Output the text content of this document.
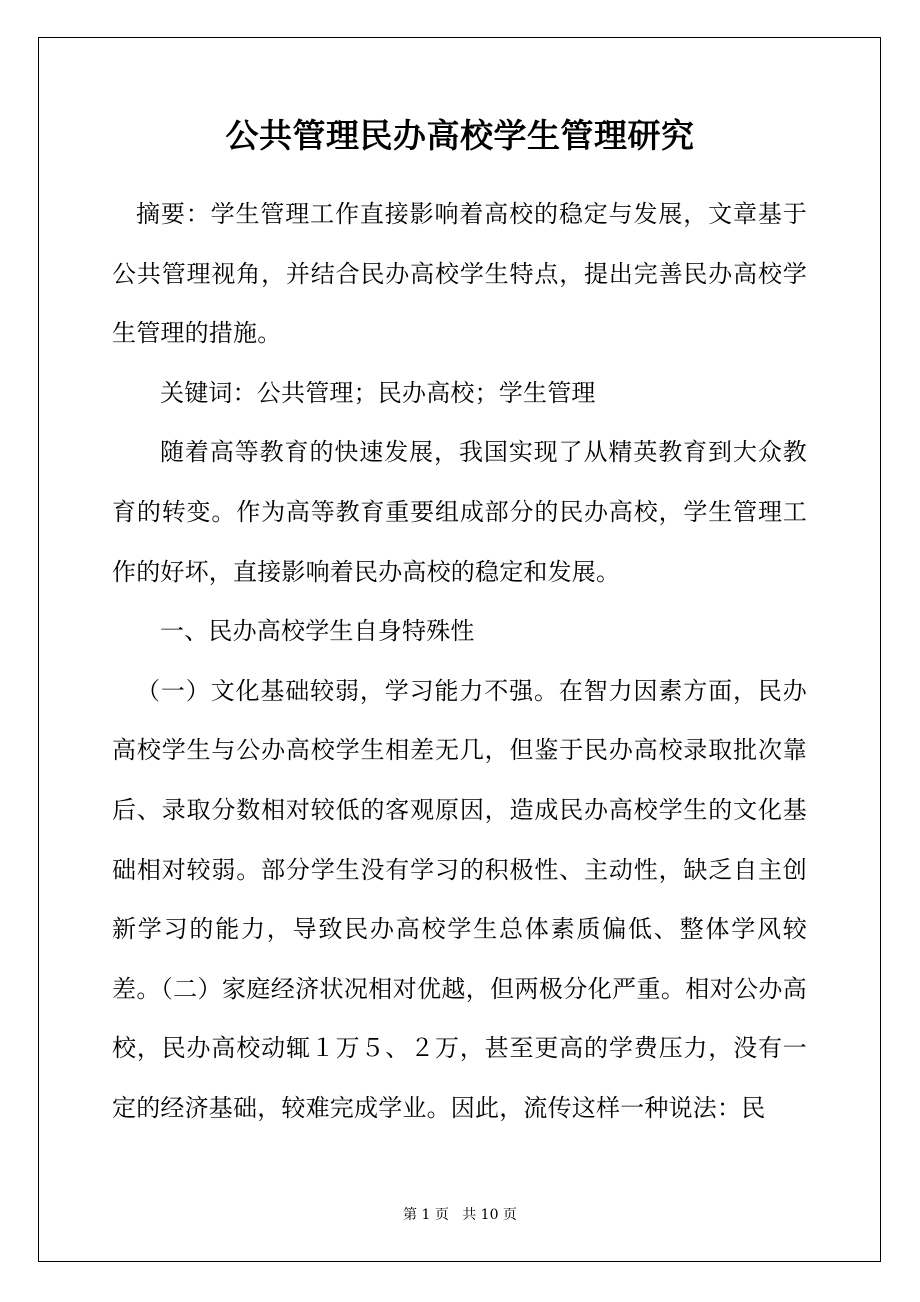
公共管理民办高校学生管理研究

摘要：学生管理工作直接影响着高校的稳定与发展，文章基于公共管理视角，并结合民办高校学生特点，提出完善民办高校学生管理的措施。

关键词：公共管理；民办高校；学生管理

随着高等教育的快速发展，我国实现了从精英教育到大众教育的转变。作为高等教育重要组成部分的民办高校，学生管理工作的好坏，直接影响着民办高校的稳定和发展。

一、民办高校学生自身特殊性

（一）文化基础较弱，学习能力不强。在智力因素方面，民办高校学生与公办高校学生相差无几，但鉴于民办高校录取批次靠后、录取分数相对较低的客观原因，造成民办高校学生的文化基础相对较弱。部分学生没有学习的积极性、主动性，缺乏自主创新学习的能力，导致民办高校学生总体素质偏低、整体学风较差。（二）家庭经济状况相对优越，但两极分化严重。相对公办高校，民办高校动辄１万５、２万，甚至更高的学费压力，没有一定的经济基础，较难完成学业。因此，流传这样一种说法：民

第 1 页 共 10 页
